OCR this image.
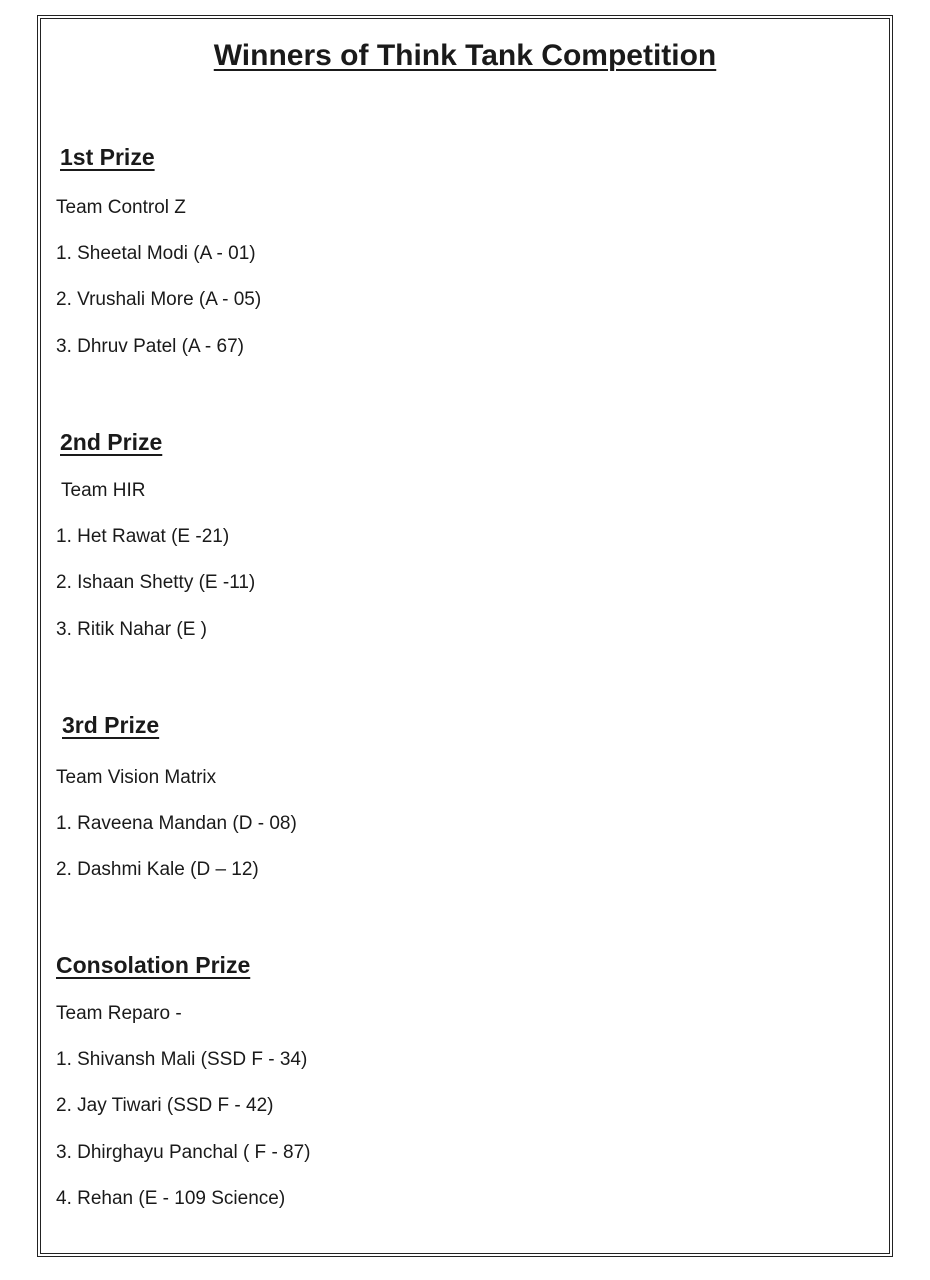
Winners of Think Tank Competition
1st Prize
Team Control Z
1. Sheetal Modi (A - 01)
2. Vrushali More (A - 05)
3. Dhruv Patel (A - 67)
2nd Prize
Team HIR
1. Het Rawat (E -21)
2. Ishaan Shetty (E -11)
3. Ritik Nahar (E )
3rd Prize
Team Vision Matrix
1. Raveena Mandan (D - 08)
2. Dashmi Kale (D – 12)
Consolation Prize
Team Reparo -
1. Shivansh Mali (SSD F - 34)
2. Jay Tiwari (SSD F - 42)
3. Dhirghayu Panchal ( F - 87)
4. Rehan (E - 109 Science)
